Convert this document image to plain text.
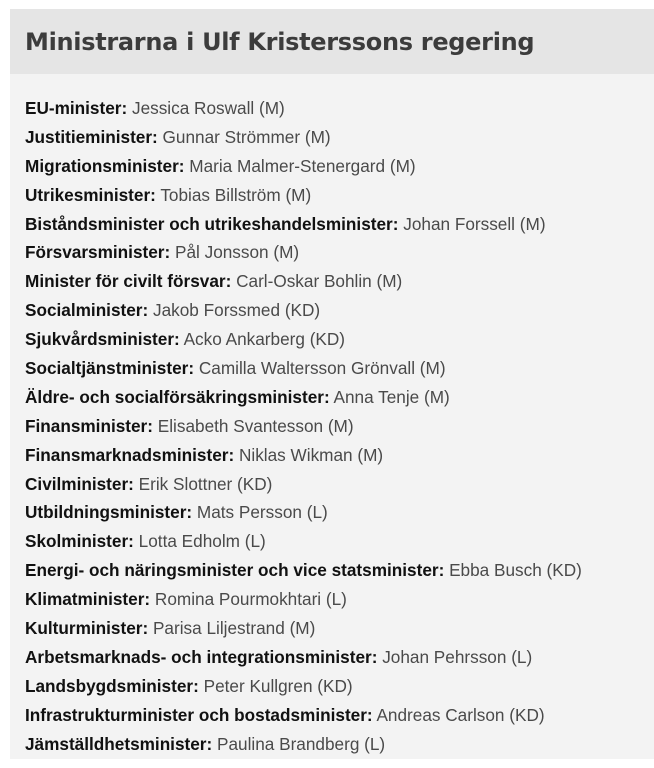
Ministrarna i Ulf Kristerssons regering
EU-minister: Jessica Roswall (M)
Justitieminister: Gunnar Strömmer (M)
Migrationsminister: Maria Malmer-Stenergard (M)
Utrikesminister: Tobias Billström (M)
Biståndsminister och utrikeshandelsminister: Johan Forssell (M)
Försvarsminister: Pål Jonsson (M)
Minister för civilt försvar: Carl-Oskar Bohlin (M)
Socialminister: Jakob Forssmed (KD)
Sjukvårdsminister: Acko Ankarberg (KD)
Socialtjänstminister: Camilla Waltersson Grönvall (M)
Äldre- och socialförsäkringsminister: Anna Tenje (M)
Finansminister: Elisabeth Svantesson (M)
Finansmarknadsminister: Niklas Wikman (M)
Civilminister: Erik Slottner (KD)
Utbildningsminister: Mats Persson (L)
Skolminister: Lotta Edholm (L)
Energi- och näringsminister och vice statsminister: Ebba Busch (KD)
Klimatminister: Romina Pourmokhtari (L)
Kulturminister: Parisa Liljestrand (M)
Arbetsmarknads- och integrationsminister: Johan Pehrsson (L)
Landsbygdsminister: Peter Kullgren (KD)
Infrastrukturminister och bostadsminister: Andreas Carlson (KD)
Jämställdhetsminister: Paulina Brandberg (L)
